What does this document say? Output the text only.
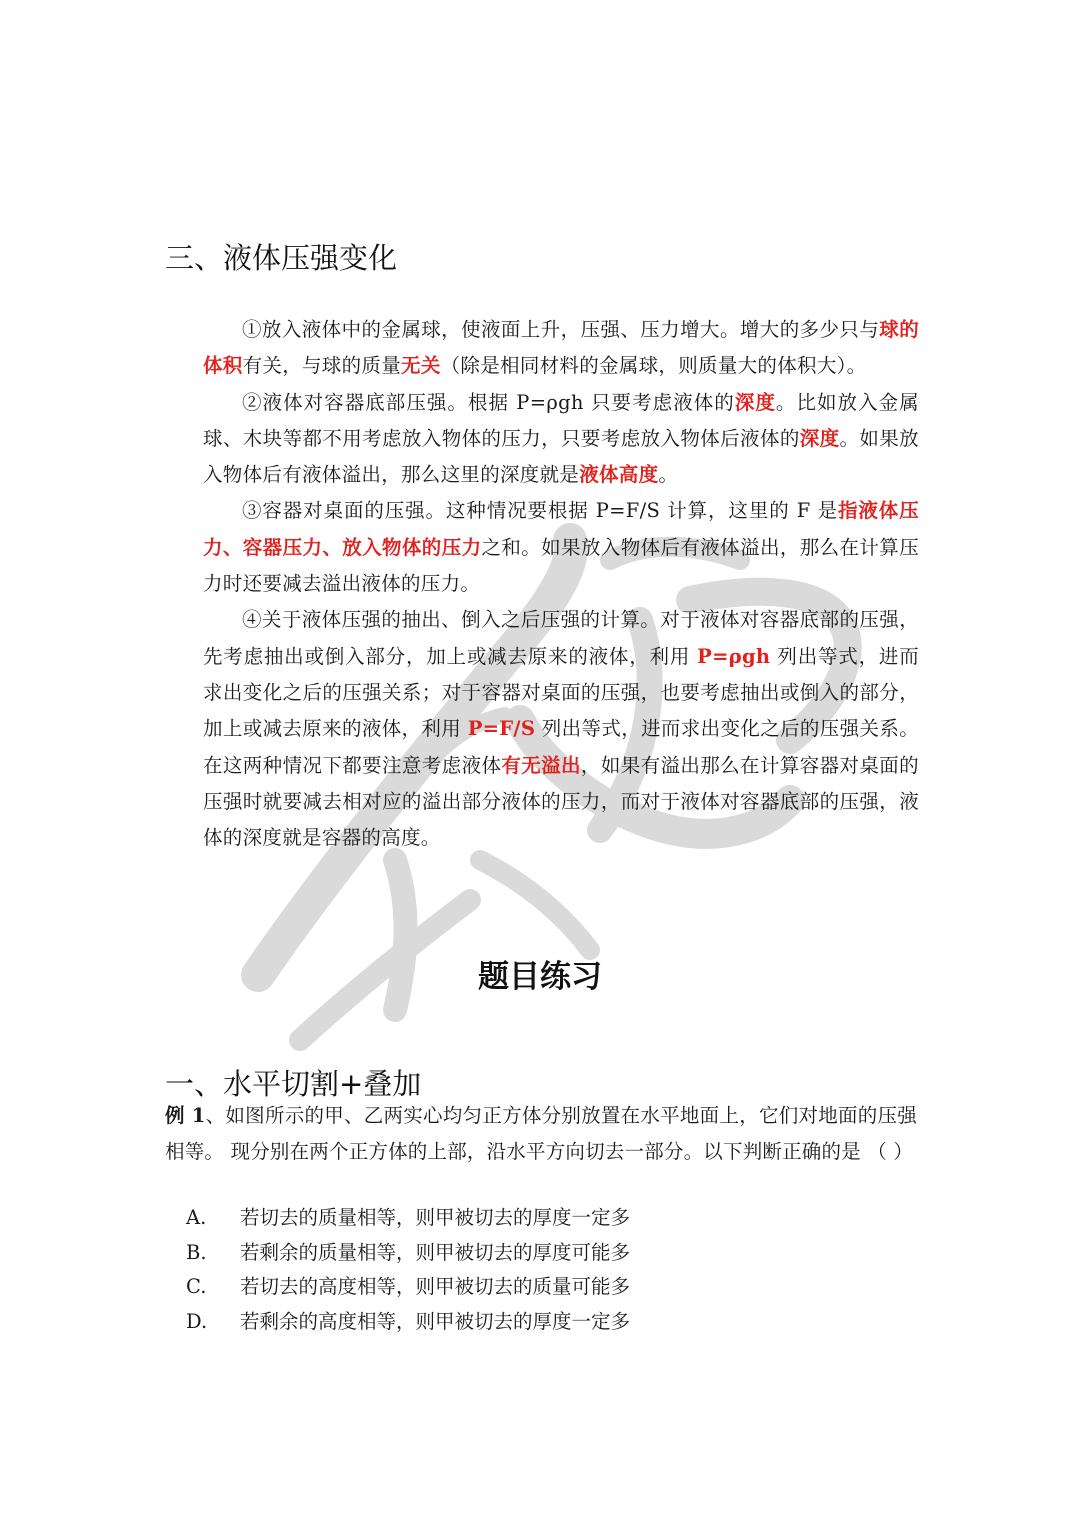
三、液体压强变化

①放入液体中的金属球，使液面上升，压强、压力增大。增大的多少只与球的体积有关，与球的质量无关（除是相同材料的金属球，则质量大的体积大）。

②液体对容器底部压强。根据 P=ρgh 只要考虑液体的深度。比如放入金属球、木块等都不用考虑放入物体的压力，只要考虑放入物体后液体的深度。如果放入物体后有液体溢出，那么这里的深度就是液体高度。

③容器对桌面的压强。这种情况要根据 P=F/S 计算，这里的 F 是指液体压力、容器压力、放入物体的压力之和。如果放入物体后有液体溢出，那么在计算压力时还要减去溢出液体的压力。

④关于液体压强的抽出、倒入之后压强的计算。对于液体对容器底部的压强，先考虑抽出或倒入部分，加上或减去原来的液体，利用 P=ρgh 列出等式，进而求出变化之后的压强关系；对于容器对桌面的压强，也要考虑抽出或倒入的部分，加上或减去原来的液体，利用 P=F/S 列出等式，进而求出变化之后的压强关系。在这两种情况下都要注意考虑液体有无溢出，如果有溢出那么在计算容器对桌面的压强时就要减去相对应的溢出部分液体的压力，而对于液体对容器底部的压强，液体的深度就是容器的高度。

题目练习
一、水平切割+叠加

例 1、如图所示的甲、乙两实心均匀正方体分别放置在水平地面上，它们对地面的压强相等。 现分别在两个正方体的上部，沿水平方向切去一部分。以下判断正确的是 （ ）

A.	若切去的质量相等，则甲被切去的厚度一定多
B.	若剩余的质量相等，则甲被切去的厚度可能多
C.	若切去的高度相等，则甲被切去的质量可能多
D.	若剩余的高度相等，则甲被切去的厚度一定多
